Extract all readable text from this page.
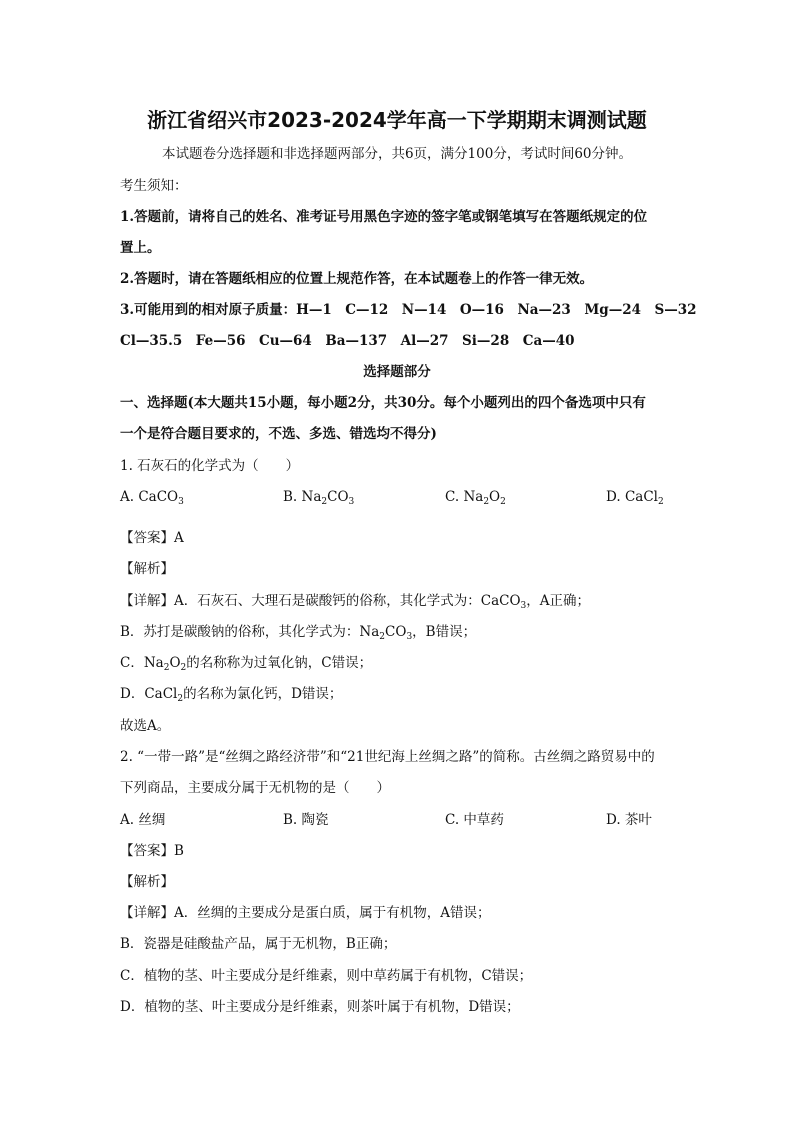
浙江省绍兴市2023-2024学年高一下学期期末调测试题
本试题卷分选择题和非选择题两部分，共6页，满分100分，考试时间60分钟。
考生须知：
1.答题前，请将自己的姓名、准考证号用黑色字迹的签字笔或钢笔填写在答题纸规定的位
置上。
2.答题时，请在答题纸相应的位置上规范作答，在本试题卷上的作答一律无效。
3.可能用到的相对原子质量：H—1　C—12　N—14　O—16　Na—23　Mg—24　S—32
Cl—35.5　Fe—56　Cu—64　Ba—137　Al—27　Si—28　Ca—40
选择题部分
一、选择题(本大题共15小题，每小题2分，共30分。每个小题列出的四个备选项中只有
一个是符合题目要求的，不选、多选、错选均不得分)
1. 石灰石的化学式为（　　）
A. CaCO$_3$	B. $Na_2CO_3$	C. $Na_2O_2$	D. CaCl$_2$
【答案】A
【解析】
【详解】A．石灰石、大理石是碳酸钙的俗称，其化学式为：CaCO$_3$，A正确；
B．苏打是碳酸钠的俗称，其化学式为：$Na_2CO_3$，B错误；
C．$Na_2O_2$的名称称为过氧化钠，C错误；
D．CaCl$_2$的名称为氯化钙，D错误；
故选A。
2. “一带一路”是“丝绸之路经济带”和“21世纪海上丝绸之路”的简称。古丝绸之路贸易中的
下列商品，主要成分属于无机物的是（　　）
A. 丝绸	B. 陶瓷	C. 中草药	D. 茶叶
【答案】B
【解析】
【详解】A．丝绸的主要成分是蛋白质，属于有机物，A错误；
B．瓷器是硅酸盐产品，属于无机物，B正确；
C．植物的茎、叶主要成分是纤维素，则中草药属于有机物，C错误；
D．植物的茎、叶主要成分是纤维素，则茶叶属于有机物，D错误；
